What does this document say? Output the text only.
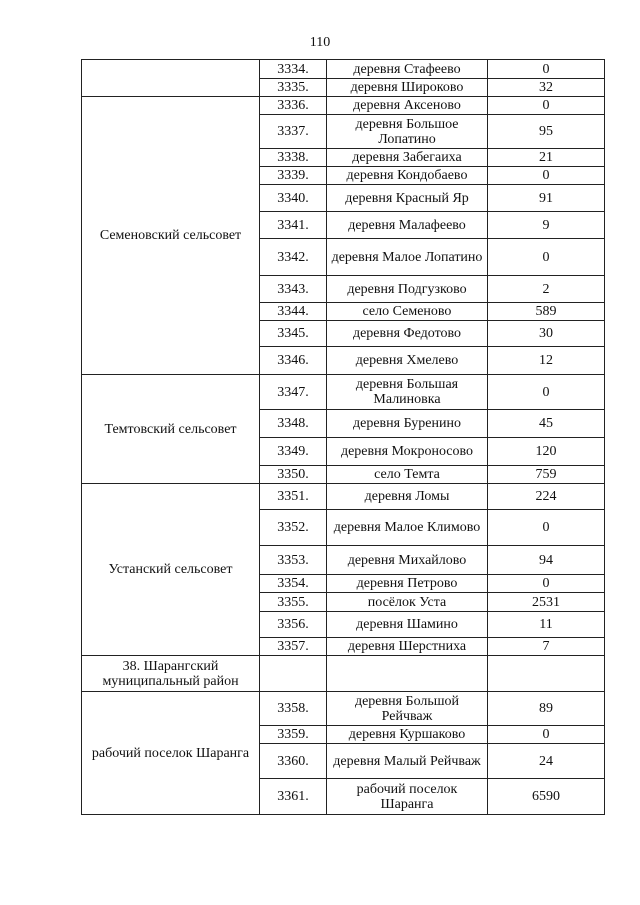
110
	3334.	деревня Стафеево	0
	3335.	деревня Широково	32
Семеновский сельсовет	3336.	деревня Аксеново	0
	3337.	деревня Большое Лопатино	95
	3338.	деревня Забегаиха	21
	3339.	деревня Кондобаево	0
	3340.	деревня Красный Яр	91
	3341.	деревня Малафеево	9
	3342.	деревня Малое Лопатино	0
	3343.	деревня Подгузково	2
	3344.	село Семеново	589
	3345.	деревня Федотово	30
	3346.	деревня Хмелево	12
Темтовский сельсовет	3347.	деревня Большая Малиновка	0
	3348.	деревня Буренино	45
	3349.	деревня Мокроносово	120
	3350.	село Темта	759
Устанский сельсовет	3351.	деревня Ломы	224
	3352.	деревня Малое Климово	0
	3353.	деревня Михайлово	94
	3354.	деревня Петрово	0
	3355.	посёлок Уста	2531
	3356.	деревня Шамино	11
	3357.	деревня Шерстниха	7
38. Шарангский муниципальный район			
рабочий поселок Шаранга	3358.	деревня Большой Рейчваж	89
	3359.	деревня Куршаково	0
	3360.	деревня Малый Рейчваж	24
	3361.	рабочий поселок Шаранга	6590
